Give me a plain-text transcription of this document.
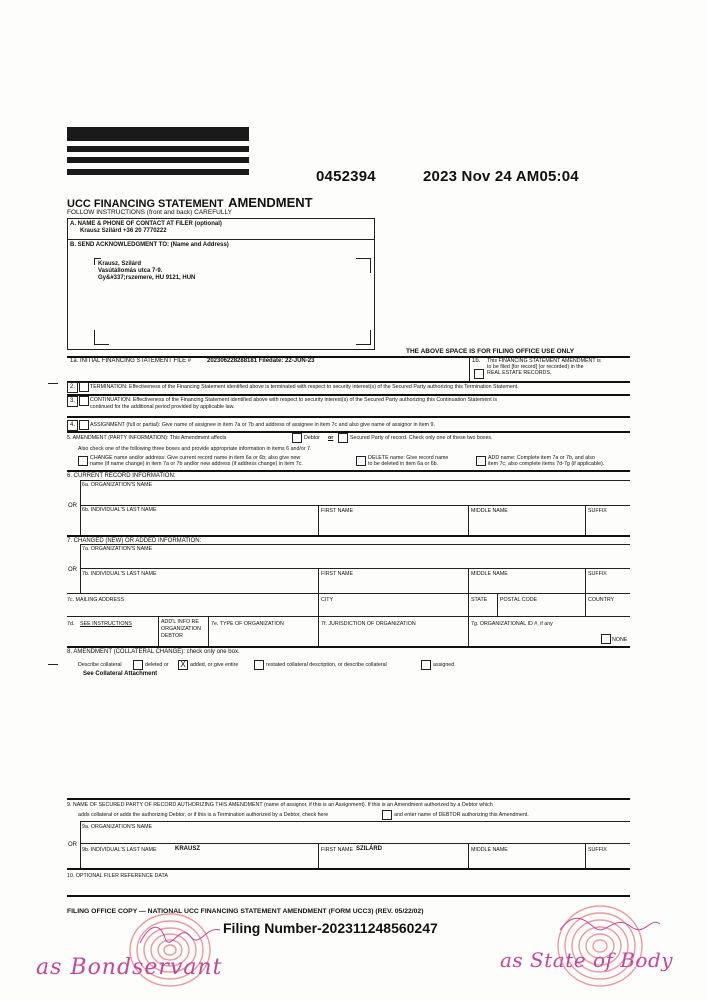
0452394	2023 Nov 24 AM05:04
UCC FINANCING STATEMENT AMENDMENT
FOLLOW INSTRUCTIONS (front and back) CAREFULLY
A. NAME & PHONE OF CONTACT AT FILER (optional)
Krausz Szilárd +36 20 7770222
B. SEND ACKNOWLEDGMENT TO: (Name and Address)
Krausz, Szilárd
Vasútállomás utca 7-9.
Gy&#337;rszemere, HU 9121, HUN
THE ABOVE SPACE IS FOR FILING OFFICE USE ONLY
1a. INITIAL FINANCING STATEMENT FILE #	202306228288181 Filedate: 22-JUN-23	1b. This FINANCING STATEMENT AMENDMENT is
to be filed [for record] (or recorded) in the
REAL ESTATE RECORDS.
2.	TERMINATION: Effectiveness of the Financing Statement identified above is terminated with respect to security interest(s) of the Secured Party authorizing this Termination Statement.
3.	CONTINUATION: Effectiveness of the Financing Statement identified above with respect to security interest(s) of the Secured Party authorizing this Continuation Statement is
continued for the additional period provided by applicable law.
4.	ASSIGNMENT (full or partial): Give name of assignee in item 7a or 7b and address of assignee in item 7c and also give name of assignor in item 9.
5. AMENDMENT (PARTY INFORMATION): This Amendment affects	Debtor or	Secured Party of record. Check only one of these two boxes.
Also check one of the following three boxes and provide appropriate information in items 6 and/or 7.
CHANGE name and/or address: Give current record name in item 6a or 6b; also give new
name (if name change) in item 7a or 7b and/or new address (if address change) in item 7c.
DELETE name: Give record name
to be deleted in item 6a or 6b.
ADD name: Complete item 7a or 7b, and also
item 7c; also complete items 7d-7g (if applicable).
6. CURRENT RECORD INFORMATION:
6a. ORGANIZATION'S NAME
OR
6b. INDIVIDUAL'S LAST NAME	FIRST NAME	MIDDLE NAME	SUFFIX
7. CHANGED (NEW) OR ADDED INFORMATION:
7a. ORGANIZATION'S NAME
OR
7b. INDIVIDUAL'S LAST NAME	FIRST NAME	MIDDLE NAME	SUFFIX
7c. MAILING ADDRESS	CITY	STATE POSTAL CODE	COUNTRY
7d. SEE INSTRUCTIONS	ADD'L INFO RE
ORGANIZATION
DEBTOR
7e. TYPE OF ORGANIZATION	7f. JURISDICTION OF ORGANIZATION	7g. ORGANIZATIONAL ID #, if any
NONE
8. AMENDMENT (COLLATERAL CHANGE): check only one box.
Describe collateral	deleted or X added, or give entire	restated collateral description, or describe collateral	assigned.
See Collateral Attachment
9. NAME OF SECURED PARTY OF RECORD AUTHORIZING THIS AMENDMENT (name of assignor, if this is an Assignment). If this is an Amendment authorized by a Debtor which
adds collateral or adds the authorizing Debtor, or if this is a Termination authorized by a Debtor, check here	and enter name of DEBTOR authorizing this Amendment.
9a. ORGANIZATION'S NAME
OR
9b. INDIVIDUAL'S LAST NAME	KRAUSZ	FIRST NAME SZILÁRD	MIDDLE NAME	SUFFIX
10. OPTIONAL FILER REFERENCE DATA
FILING OFFICE COPY — NATIONAL UCC FINANCING STATEMENT AMENDMENT (FORM UCC3) (REV. 05/22/02)
Filing Number-202311248560247
as Bondservant	as State of Body
